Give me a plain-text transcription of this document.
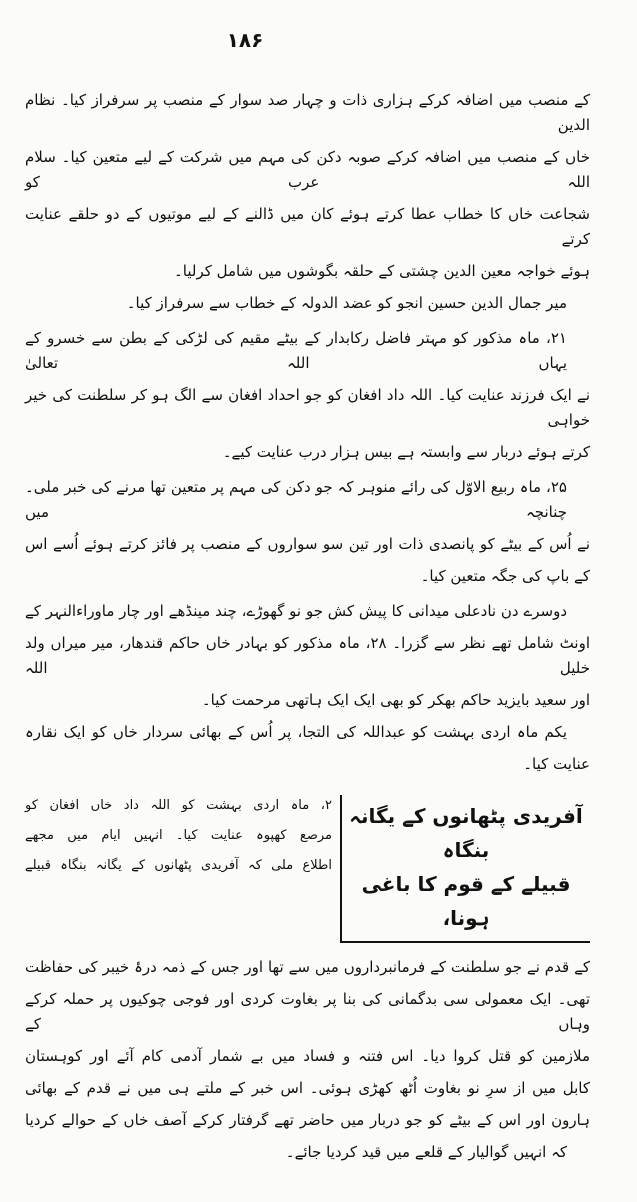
۱۸۶
کے منصب میں اضافہ کرکے ہزاری ذات و چہار صد سوار کے منصب پر سرفراز کیا۔ نظام الدین
خاں کے منصب میں اضافہ کرکے صوبہ دکن کی مہم میں شرکت کے لیے متعین کیا۔ سلام اللہ عرب کو
شجاعت خاں کا خطاب عطا کرتے ہوئے کان میں ڈالنے کے لیے موتیوں کے دو حلقے عنایت کرتے
ہوئے خواجہ معین الدین چشتی کے حلقہ بگوشوں میں شامل کرلیا۔
میر جمال الدین حسین انجو کو عضد الدولہ کے خطاب سے سرفراز کیا۔
۲۱، ماہ مذکور کو مہتر فاضل رکابدار کے بیٹے مقیم کی لڑکی کے بطن سے خسرو کے یہاں اللہ تعالیٰ
نے ایک فرزند عنایت کیا۔ اللہ داد افغان کو جو احداد افغان سے الگ ہو کر سلطنت کی خیر خواہی
کرتے ہوئے دربار سے وابستہ ہے بیس ہزار درب عنایت کیے۔
۲۵، ماہ ربیع الاوّل کی رائے منوہر کہ جو دکن کی مہم پر متعین تھا مرنے کی خبر ملی۔ چنانچہ میں
نے اُس کے بیٹے کو پانصدی ذات اور تین سو سواروں کے منصب پر فائز کرتے ہوئے اُسے اس
کے باپ کی جگہ متعین کیا۔
دوسرے دن نادعلی میدانی کا پیش کش جو نو گھوڑے، چند مینڈھے اور چار ماوراءالنہر کے
اونٹ شامل تھے نظر سے گزرا۔ ۲۸، ماہ مذکور کو بہادر خاں حاکم قندھار، میر میراں ولد خلیل اللہ
اور سعید بایزید حاکم بھکر کو بھی ایک ایک ہاتھی مرحمت کیا۔
یکم ماہ اردی بہشت کو عبداللہ کی التجا، پر اُس کے بھائی سردار خاں کو ایک نقارہ
عنایت کیا۔
آفریدی پٹھانوں کے یگانہ بنگاہ
قبیلے کے قوم کا باغی ہونا،
۲، ماہ اردی بہشت کو اللہ داد خاں افغان کو
مرصع کھپوہ عنایت کیا۔ انہیں ایام میں مجھے
اطلاع ملی کہ آفریدی پٹھانوں کے یگانہ بنگاہ قبیلے
کے قدم نے جو سلطنت کے فرمانبرداروں میں سے تھا اور جس کے ذمہ درۂ خیبر کی حفاظت
تھی۔ ایک معمولی سی بدگمانی کی بنا پر بغاوت کردی اور فوجی چوکیوں پر حملہ کرکے وہاں کے
ملازمین کو قتل کروا دیا۔ اس فتنہ و فساد میں بے شمار آدمی کام آئے اور کوہستان
کابل میں از سرِ نو بغاوت اُٹھ کھڑی ہوئی۔ اس خبر کے ملتے ہی میں نے قدم کے بھائی
ہارون اور اس کے بیٹے کو جو دربار میں حاضر تھے گرفتار کرکے آصف خاں کے حوالے کردیا
کہ انہیں گوالیار کے قلعے میں قید کردیا جائے۔
